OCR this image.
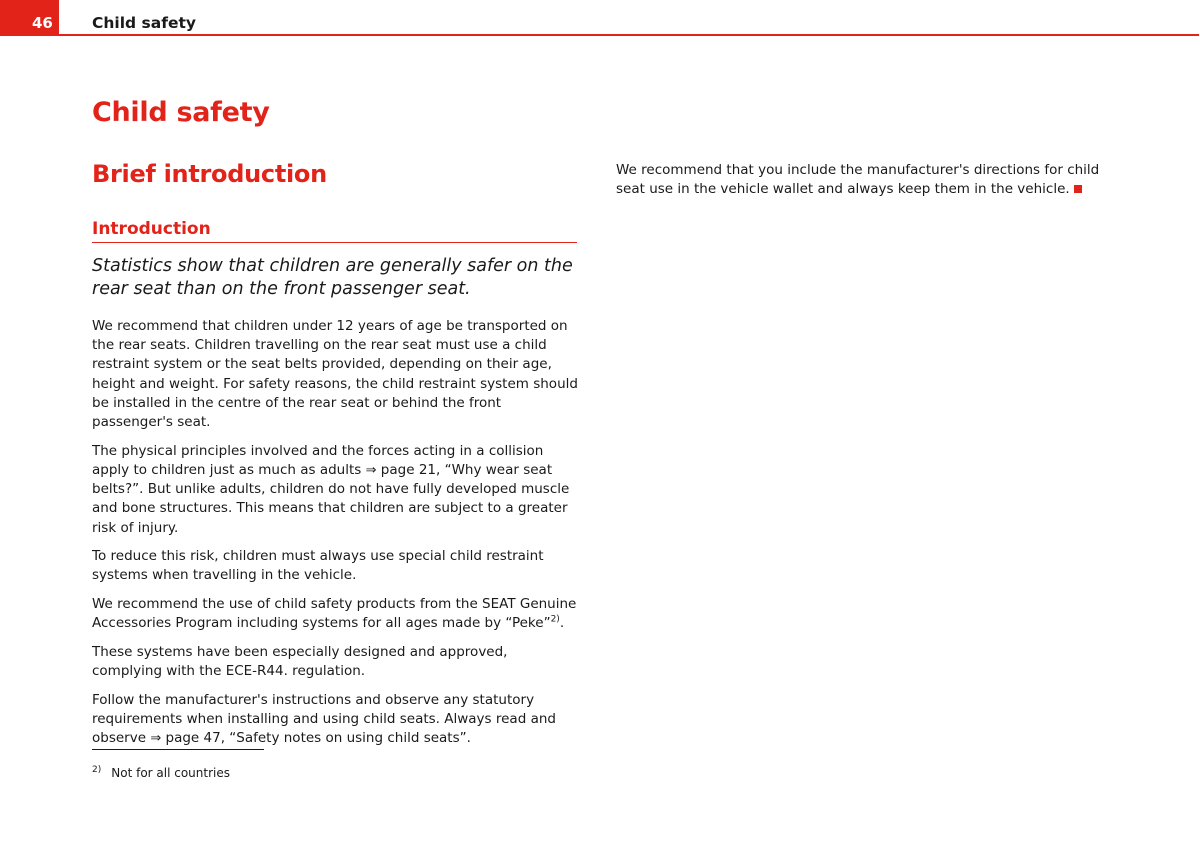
46	Child safety
Child safety
Brief introduction
Introduction
Statistics show that children are generally safer on the rear seat than on the front passenger seat.

We recommend that children under 12 years of age be transported on the rear seats. Children travelling on the rear seat must use a child restraint system or the seat belts provided, depending on their age, height and weight. For safety reasons, the child restraint system should be installed in the centre of the rear seat or behind the front passenger's seat.

The physical principles involved and the forces acting in a collision apply to children just as much as adults ⇒ page 21, “Why wear seat belts?”. But unlike adults, children do not have fully developed muscle and bone structures. This means that children are subject to a greater risk of injury.

To reduce this risk, children must always use special child restraint systems when travelling in the vehicle.

We recommend the use of child safety products from the SEAT Genuine Accessories Program including systems for all ages made by “Peke”$^{2)}$.

These systems have been especially designed and approved, complying with the ECE-R44. regulation.

Follow the manufacturer's instructions and observe any statutory requirements when installing and using child seats. Always read and observe ⇒ page 47, “Safety notes on using child seats”.

We recommend that you include the manufacturer's directions for child seat use in the vehicle wallet and always keep them in the vehicle.

$^{2)}$ Not for all countries
